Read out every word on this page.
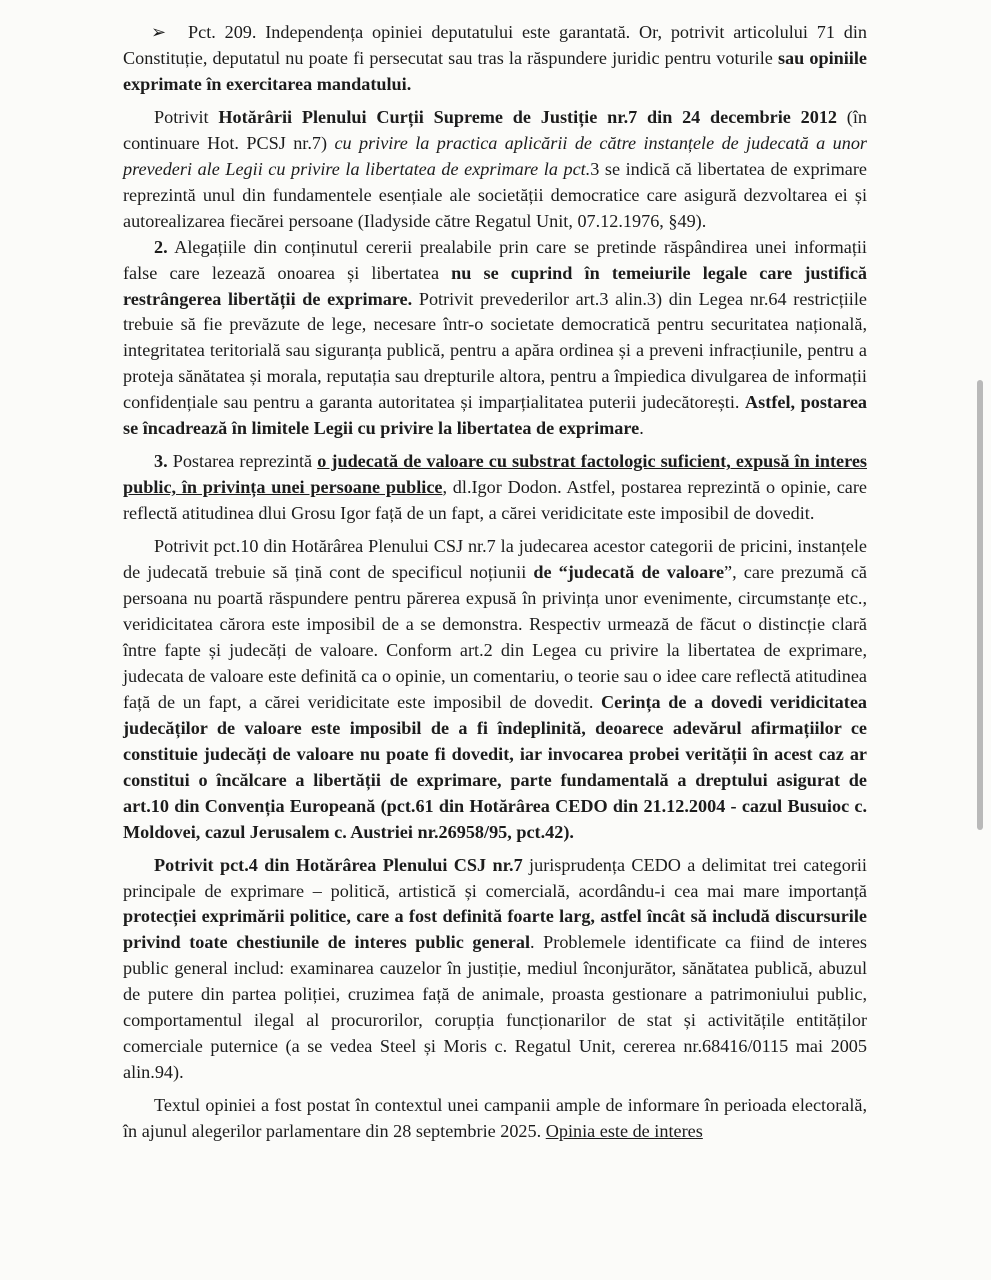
➢ Pct. 209. Independența opiniei deputatului este garantată. Or, potrivit articolului 71 din Constituție, deputatul nu poate fi persecutat sau tras la răspundere juridic pentru voturile sau opiniile exprimate în exercitarea mandatului.

Potrivit Hotărârii Plenului Curții Supreme de Justiție nr.7 din 24 decembrie 2012 (în continuare Hot. PCSJ nr.7) cu privire la practica aplicării de către instanțele de judecată a unor prevederi ale Legii cu privire la libertatea de exprimare la pct.3 se indică că libertatea de exprimare reprezintă unul din fundamentele esențiale ale societății democratice care asigură dezvoltarea ei și autorealizarea fiecărei persoane (Iladyside către Regatul Unit, 07.12.1976, §49).

2. Alegațiile din conținutul cererii prealabile prin care se pretinde răspândirea unei informații false care lezează onoarea și libertatea nu se cuprind în temeiurile legale care justifică restrângerea libertății de exprimare. Potrivit prevederilor art.3 alin.3) din Legea nr.64 restricțiile trebuie să fie prevăzute de lege, necesare într-o societate democratică pentru securitatea națională, integritatea teritorială sau siguranța publică, pentru a apăra ordinea și a preveni infracțiunile, pentru a proteja sănătatea și morala, reputația sau drepturile altora, pentru a împiedica divulgarea de informații confidențiale sau pentru a garanta autoritatea și imparțialitatea puterii judecătorești. Astfel, postarea se încadrează în limitele Legii cu privire la libertatea de exprimare.

3. Postarea reprezintă o judecată de valoare cu substrat factologic suficient, expusă în interes public, în privința unei persoane publice, dl.Igor Dodon. Astfel, postarea reprezintă o opinie, care reflectă atitudinea dlui Grosu Igor față de un fapt, a cărei veridicitate este imposibil de dovedit.

Potrivit pct.10 din Hotărârea Plenului CSJ nr.7 la judecarea acestor categorii de pricini, instanțele de judecată trebuie să țină cont de specificul noțiunii de “judecată de valoare”, care prezumă că persoana nu poartă răspundere pentru părerea expusă în privința unor evenimente, circumstanțe etc., veridicitatea cărora este imposibil de a se demonstra. Respectiv urmează de făcut o distincție clară între fapte și judecăți de valoare. Conform art.2 din Legea cu privire la libertatea de exprimare, judecata de valoare este definită ca o opinie, un comentariu, o teorie sau o idee care reflectă atitudinea față de un fapt, a cărei veridicitate este imposibil de dovedit. Cerința de a dovedi veridicitatea judecăților de valoare este imposibil de a fi îndeplinită, deoarece adevărul afirmațiilor ce constituie judecăți de valoare nu poate fi dovedit, iar invocarea probei verității în acest caz ar constitui o încălcare a libertății de exprimare, parte fundamentală a dreptului asigurat de art.10 din Convenția Europeană (pct.61 din Hotărârea CEDO din 21.12.2004 - cazul Busuioc c. Moldovei, cazul Jerusalem c. Austriei nr.26958/95, pct.42).

Potrivit pct.4 din Hotărârea Plenului CSJ nr.7 jurisprudența CEDO a delimitat trei categorii principale de exprimare – politică, artistică și comercială, acordându-i cea mai mare importanță protecției exprimării politice, care a fost definită foarte larg, astfel încât să includă discursurile privind toate chestiunile de interes public general. Problemele identificate ca fiind de interes public general includ: examinarea cauzelor în justiție, mediul înconjurător, sănătatea publică, abuzul de putere din partea poliției, cruzimea față de animale, proasta gestionare a patrimoniului public, comportamentul ilegal al procurorilor, corupția funcționarilor de stat și activitățile entităților comerciale puternice (a se vedea Steel și Moris c. Regatul Unit, cererea nr.68416/0115 mai 2005 alin.94).

Textul opiniei a fost postat în contextul unei campanii ample de informare în perioada electorală, în ajunul alegerilor parlamentare din 28 septembrie 2025. Opinia este de interes
